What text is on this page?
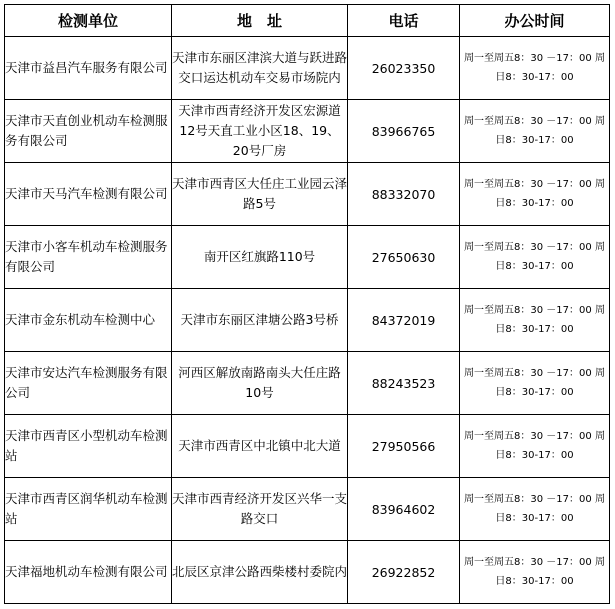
检测单位	地　址	电话	办公时间
天津市益昌汽车服务有限公司	天津市东丽区津滨大道与跃进路交口运达机动车交易市场院内	26023350	周一至周五8：30 －17：00 周日8：30-17：00
天津市天直创业机动车检测服务有限公司	天津市西青经济开发区宏源道12号天直工业小区18、19、20号厂房	83966765	周一至周五8：30 －17：00 周日8：30-17：00
天津市天马汽车检测有限公司	天津市西青区大任庄工业园云泽路5号	88332070	周一至周五8：30 －17：00 周日8：30-17：00
天津市小客车机动车检测服务有限公司	南开区红旗路110号	27650630	周一至周五8：30 －17：00 周日8：30-17：00
天津市金东机动车检测中心	天津市东丽区津塘公路3号桥	84372019	周一至周五8：30 －17：00 周日8：30-17：00
天津市安达汽车检测服务有限公司	河西区解放南路南头大任庄路10号	88243523	周一至周五8：30 －17：00 周日8：30-17：00
天津市西青区小型机动车检测站	天津市西青区中北镇中北大道	27950566	周一至周五8：30 －17：00 周日8：30-17：00
天津市西青区润华机动车检测站	天津市西青经济开发区兴华一支路交口	83964602	周一至周五8：30 －17：00 周日8：30-17：00
天津福地机动车检测有限公司	北辰区京津公路西柴楼村委院内	26922852	周一至周五8：30 －17：00 周日8：30-17：00
